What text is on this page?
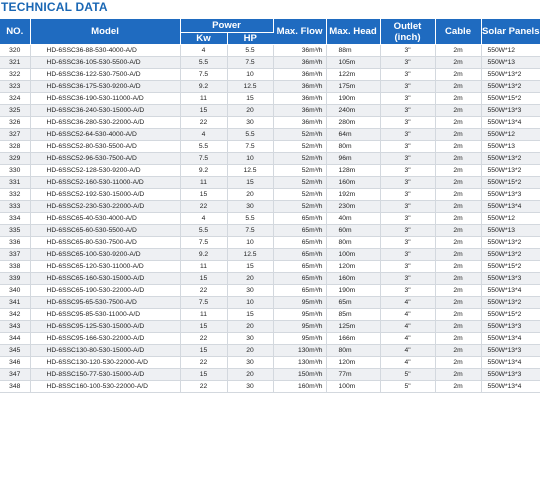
TECHNICAL DATA
NO.	Model	Power		Max. Flow	Max. Head	Outlet (inch)	Cable	Solar Panels
		Kw	HP					
320	HD-6SSC36-88-530-4000-A/D	4	5.5	36m³/h	88m	3"	2m	550W*12
321	HD-6SSC36-105-530-5500-A/D	5.5	7.5	36m³/h	105m	3"	2m	550W*13
322	HD-6SSC36-122-530-7500-A/D	7.5	10	36m³/h	122m	3"	2m	550W*13*2
323	HD-6SSC36-175-530-9200-A/D	9.2	12.5	36m³/h	175m	3"	2m	550W*13*2
324	HD-6SSC36-190-530-11000-A/D	11	15	36m³/h	190m	3"	2m	550W*15*2
325	HD-6SSC36-240-530-15000-A/D	15	20	36m³/h	240m	3"	2m	550W*13*3
326	HD-6SSC36-280-530-22000-A/D	22	30	36m³/h	280m	3"	2m	550W*13*4
327	HD-6SSC52-64-530-4000-A/D	4	5.5	52m³/h	64m	3"	2m	550W*12
328	HD-6SSC52-80-530-5500-A/D	5.5	7.5	52m³/h	80m	3"	2m	550W*13
329	HD-6SSC52-96-530-7500-A/D	7.5	10	52m³/h	96m	3"	2m	550W*13*2
330	HD-6SSC52-128-530-9200-A/D	9.2	12.5	52m³/h	128m	3"	2m	550W*13*2
331	HD-6SSC52-160-530-11000-A/D	11	15	52m³/h	160m	3"	2m	550W*15*2
332	HD-6SSC52-192-530-15000-A/D	15	20	52m³/h	192m	3"	2m	550W*13*3
333	HD-6SSC52-230-530-22000-A/D	22	30	52m³/h	230m	3"	2m	550W*13*4
334	HD-6SSC65-40-530-4000-A/D	4	5.5	65m³/h	40m	3"	2m	550W*12
335	HD-6SSC65-60-530-5500-A/D	5.5	7.5	65m³/h	60m	3"	2m	550W*13
336	HD-6SSC65-80-530-7500-A/D	7.5	10	65m³/h	80m	3"	2m	550W*13*2
337	HD-6SSC65-100-530-9200-A/D	9.2	12.5	65m³/h	100m	3"	2m	550W*13*2
338	HD-6SSC65-120-530-11000-A/D	11	15	65m³/h	120m	3"	2m	550W*15*2
339	HD-6SSC65-160-530-15000-A/D	15	20	65m³/h	160m	3"	2m	550W*13*3
340	HD-6SSC65-190-530-22000-A/D	22	30	65m³/h	190m	3"	2m	550W*13*4
341	HD-6SSC95-65-530-7500-A/D	7.5	10	95m³/h	65m	4"	2m	550W*13*2
342	HD-6SSC95-85-530-11000-A/D	11	15	95m³/h	85m	4"	2m	550W*15*2
343	HD-6SSC95-125-530-15000-A/D	15	20	95m³/h	125m	4"	2m	550W*13*3
344	HD-6SSC95-166-530-22000-A/D	22	30	95m³/h	166m	4"	2m	550W*13*4
345	HD-6SSC130-80-530-15000-A/D	15	20	130m³/h	80m	4"	2m	550W*13*3
346	HD-6SSC130-120-530-22000-A/D	22	30	130m³/h	120m	4"	2m	550W*13*4
347	HD-8SSC150-77-530-15000-A/D	15	20	150m³/h	77m	5"	2m	550W*13*3
348	HD-8SSC160-100-530-22000-A/D	22	30	160m³/h	100m	5"	2m	550W*13*4
